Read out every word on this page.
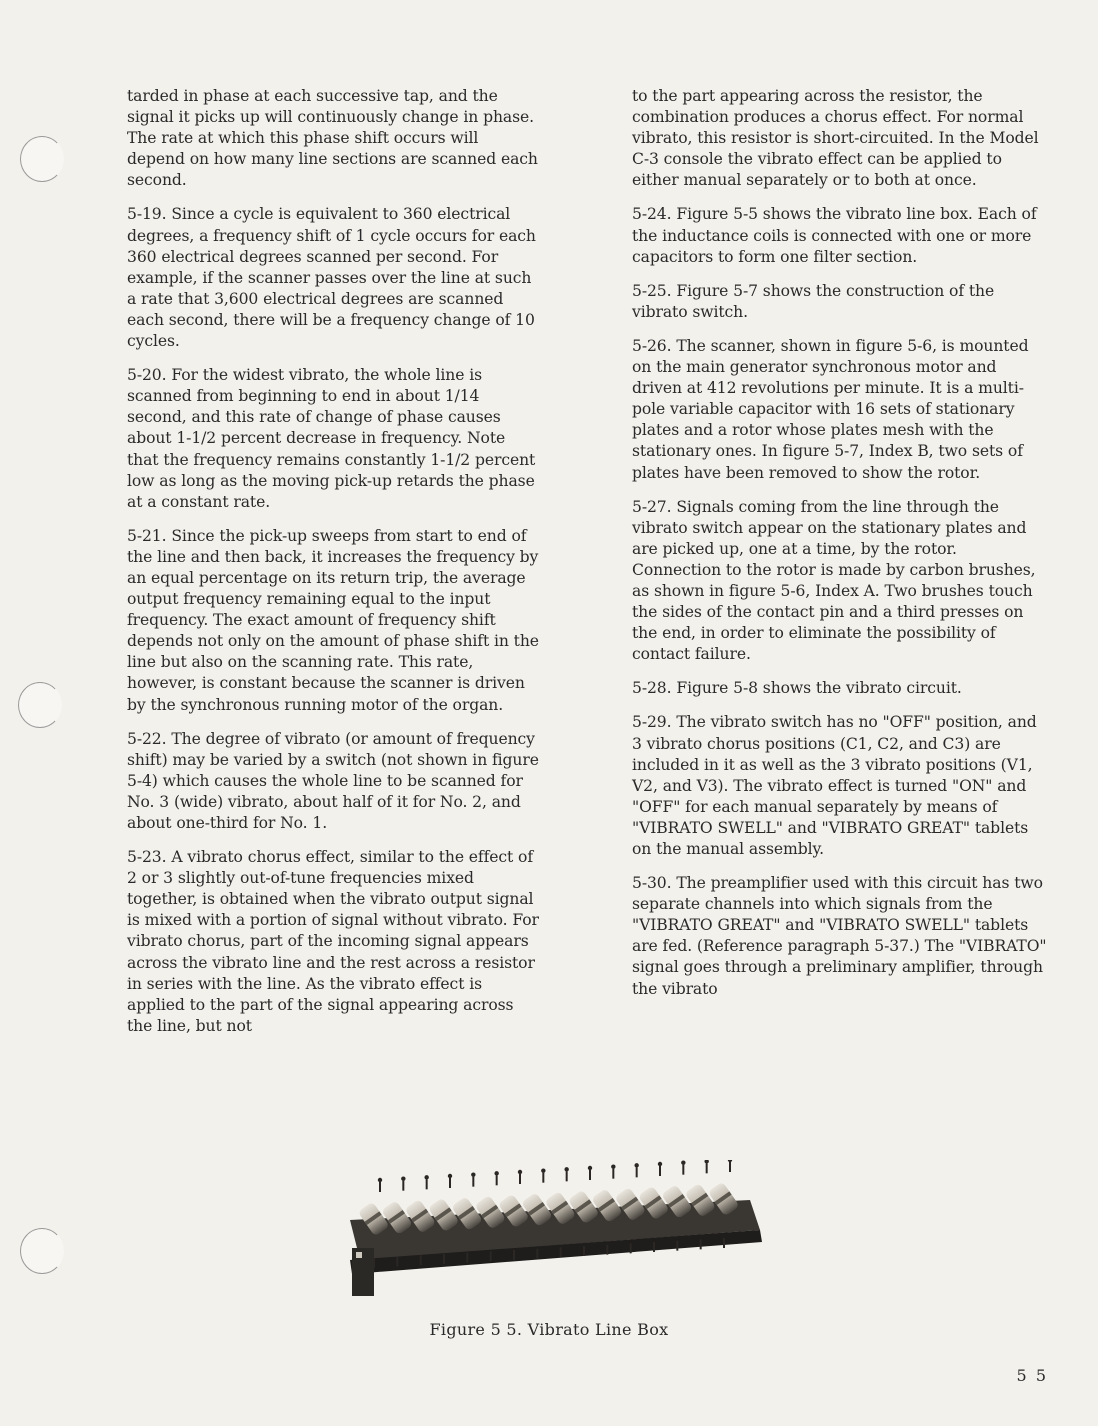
tarded in phase at each successive tap, and the signal it picks up will continuously change in phase. The rate at which this phase shift occurs will depend on how many line sections are scanned each second.

5-19. Since a cycle is equivalent to 360 electrical degrees, a frequency shift of 1 cycle occurs for each 360 electrical degrees scanned per second. For example, if the scanner passes over the line at such a rate that 3,600 electrical degrees are scanned each second, there will be a frequency change of 10 cycles.

5-20. For the widest vibrato, the whole line is scanned from beginning to end in about 1/14 second, and this rate of change of phase causes about 1-1/2 percent decrease in frequency. Note that the frequency remains constantly 1-1/2 percent low as long as the moving pick-up retards the phase at a constant rate.

5-21. Since the pick-up sweeps from start to end of the line and then back, it increases the frequency by an equal percentage on its return trip, the average output frequency remaining equal to the input frequency. The exact amount of frequency shift depends not only on the amount of phase shift in the line but also on the scanning rate. This rate, however, is constant because the scanner is driven by the synchronous running motor of the organ.

5-22. The degree of vibrato (or amount of frequency shift) may be varied by a switch (not shown in figure 5-4) which causes the whole line to be scanned for No. 3 (wide) vibrato, about half of it for No. 2, and about one-third for No. 1.

5-23. A vibrato chorus effect, similar to the effect of 2 or 3 slightly out-of-tune frequencies mixed together, is obtained when the vibrato output signal is mixed with a portion of signal without vibrato. For vibrato chorus, part of the incoming signal appears across the vibrato line and the rest across a resistor in series with the line. As the vibrato effect is applied to the part of the signal appearing across the line, but not

to the part appearing across the resistor, the combination produces a chorus effect. For normal vibrato, this resistor is short-circuited. In the Model C-3 console the vibrato effect can be applied to either manual separately or to both at once.

5-24. Figure 5-5 shows the vibrato line box. Each of the inductance coils is connected with one or more capacitors to form one filter section.

5-25. Figure 5-7 shows the construction of the vibrato switch.

5-26. The scanner, shown in figure 5-6, is mounted on the main generator synchronous motor and driven at 412 revolutions per minute. It is a multi-pole variable capacitor with 16 sets of stationary plates and a rotor whose plates mesh with the stationary ones. In figure 5-7, Index B, two sets of plates have been removed to show the rotor.

5-27. Signals coming from the line through the vibrato switch appear on the stationary plates and are picked up, one at a time, by the rotor. Connection to the rotor is made by carbon brushes, as shown in figure 5-6, Index A. Two brushes touch the sides of the contact pin and a third presses on the end, in order to eliminate the possibility of contact failure.

5-28. Figure 5-8 shows the vibrato circuit.

5-29. The vibrato switch has no "OFF" position, and 3 vibrato chorus positions (C1, C2, and C3) are included in it as well as the 3 vibrato positions (V1, V2, and V3). The vibrato effect is turned "ON" and "OFF" for each manual separately by means of "VIBRATO SWELL" and "VIBRATO GREAT" tablets on the manual assembly.

5-30. The preamplifier used with this circuit has two separate channels into which signals from the "VIBRATO GREAT" and "VIBRATO SWELL" tablets are fed. (Reference paragraph 5-37.) The "VIBRATO" signal goes through a preliminary amplifier, through the vibrato

Figure 5 5. Vibrato Line Box
5 5
